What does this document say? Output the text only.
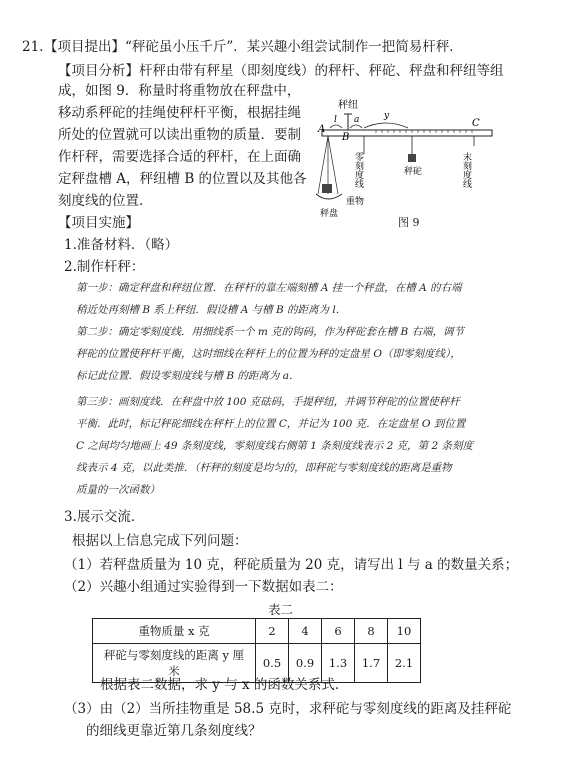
21. 【项目提出】“秤砣虽小压千斤”．某兴趣小组尝试制作一把简易杆秤．
【项目分析】杆秤由带有秤星（即刻度线）的秤杆、秤砣、秤盘和秤纽等组
成，如图 9．称量时将重物放在秤盘中，
移动系秤砣的挂绳使秤杆平衡，根据挂绳
所处的位置就可以读出重物的质量．要制
作杆秤，需要选择合适的秤杆，在上面确
定秤盘槽 A，秤纽槽 B 的位置以及其他各
刻度线的位置．
秤纽
A
B
C
l a	y
零刻度线	秤砣	末刻度线
秤盘
重物
图 9
【项目实施】
1.准备材料．（略）
2.制作杆秤：
第一步：确定秤盘和秤纽位置．在秤杆的靠左端刻槽 A 挂一个秤盘，在槽 A 的右端
稍近处再刻槽 B 系上秤纽．假设槽 A 与槽 B 的距离为 l．
第二步：确定零刻度线．用细线系一个 m 克的钩码，作为秤砣套在槽 B 右端，调节
秤砣的位置使秤杆平衡，这时细线在秤杆上的位置为秤的定盘星 O（即零刻度线），
标记此位置．假设零刻度线与槽 B 的距离为 a．
第三步：画刻度线．在秤盘中放 100 克砝码，手提秤纽，并调节秤砣的位置使秤杆
平衡．此时，标记秤砣细线在秤杆上的位置 C，并记为 100 克．在定盘星 O 到位置
C 之间均匀地画上 49 条刻度线，零刻度线右侧第 1 条刻度线表示 2 克，第 2 条刻度
线表示 4 克，以此类推．（杆秤的刻度是均匀的，即秤砣与零刻度线的距离是重物
质量的一次函数）
3.展示交流．
根据以上信息完成下列问题：
（1）若秤盘质量为 10 克，秤砣质量为 20 克，请写出 l 与 a 的数量关系；
（2）兴趣小组通过实验得到一下数据如表二：
表二
重物质量 x 克	2	4	6	8	10
秤砣与零刻度线的距离 y 厘米	0.5	0.9	1.3	1.7	2.1
根据表二数据，求 y 与 x 的函数关系式．
（3）由（2）当所挂物重是 58.5 克时，求秤砣与零刻度线的距离及挂秤砣
的细线更靠近第几条刻度线？
